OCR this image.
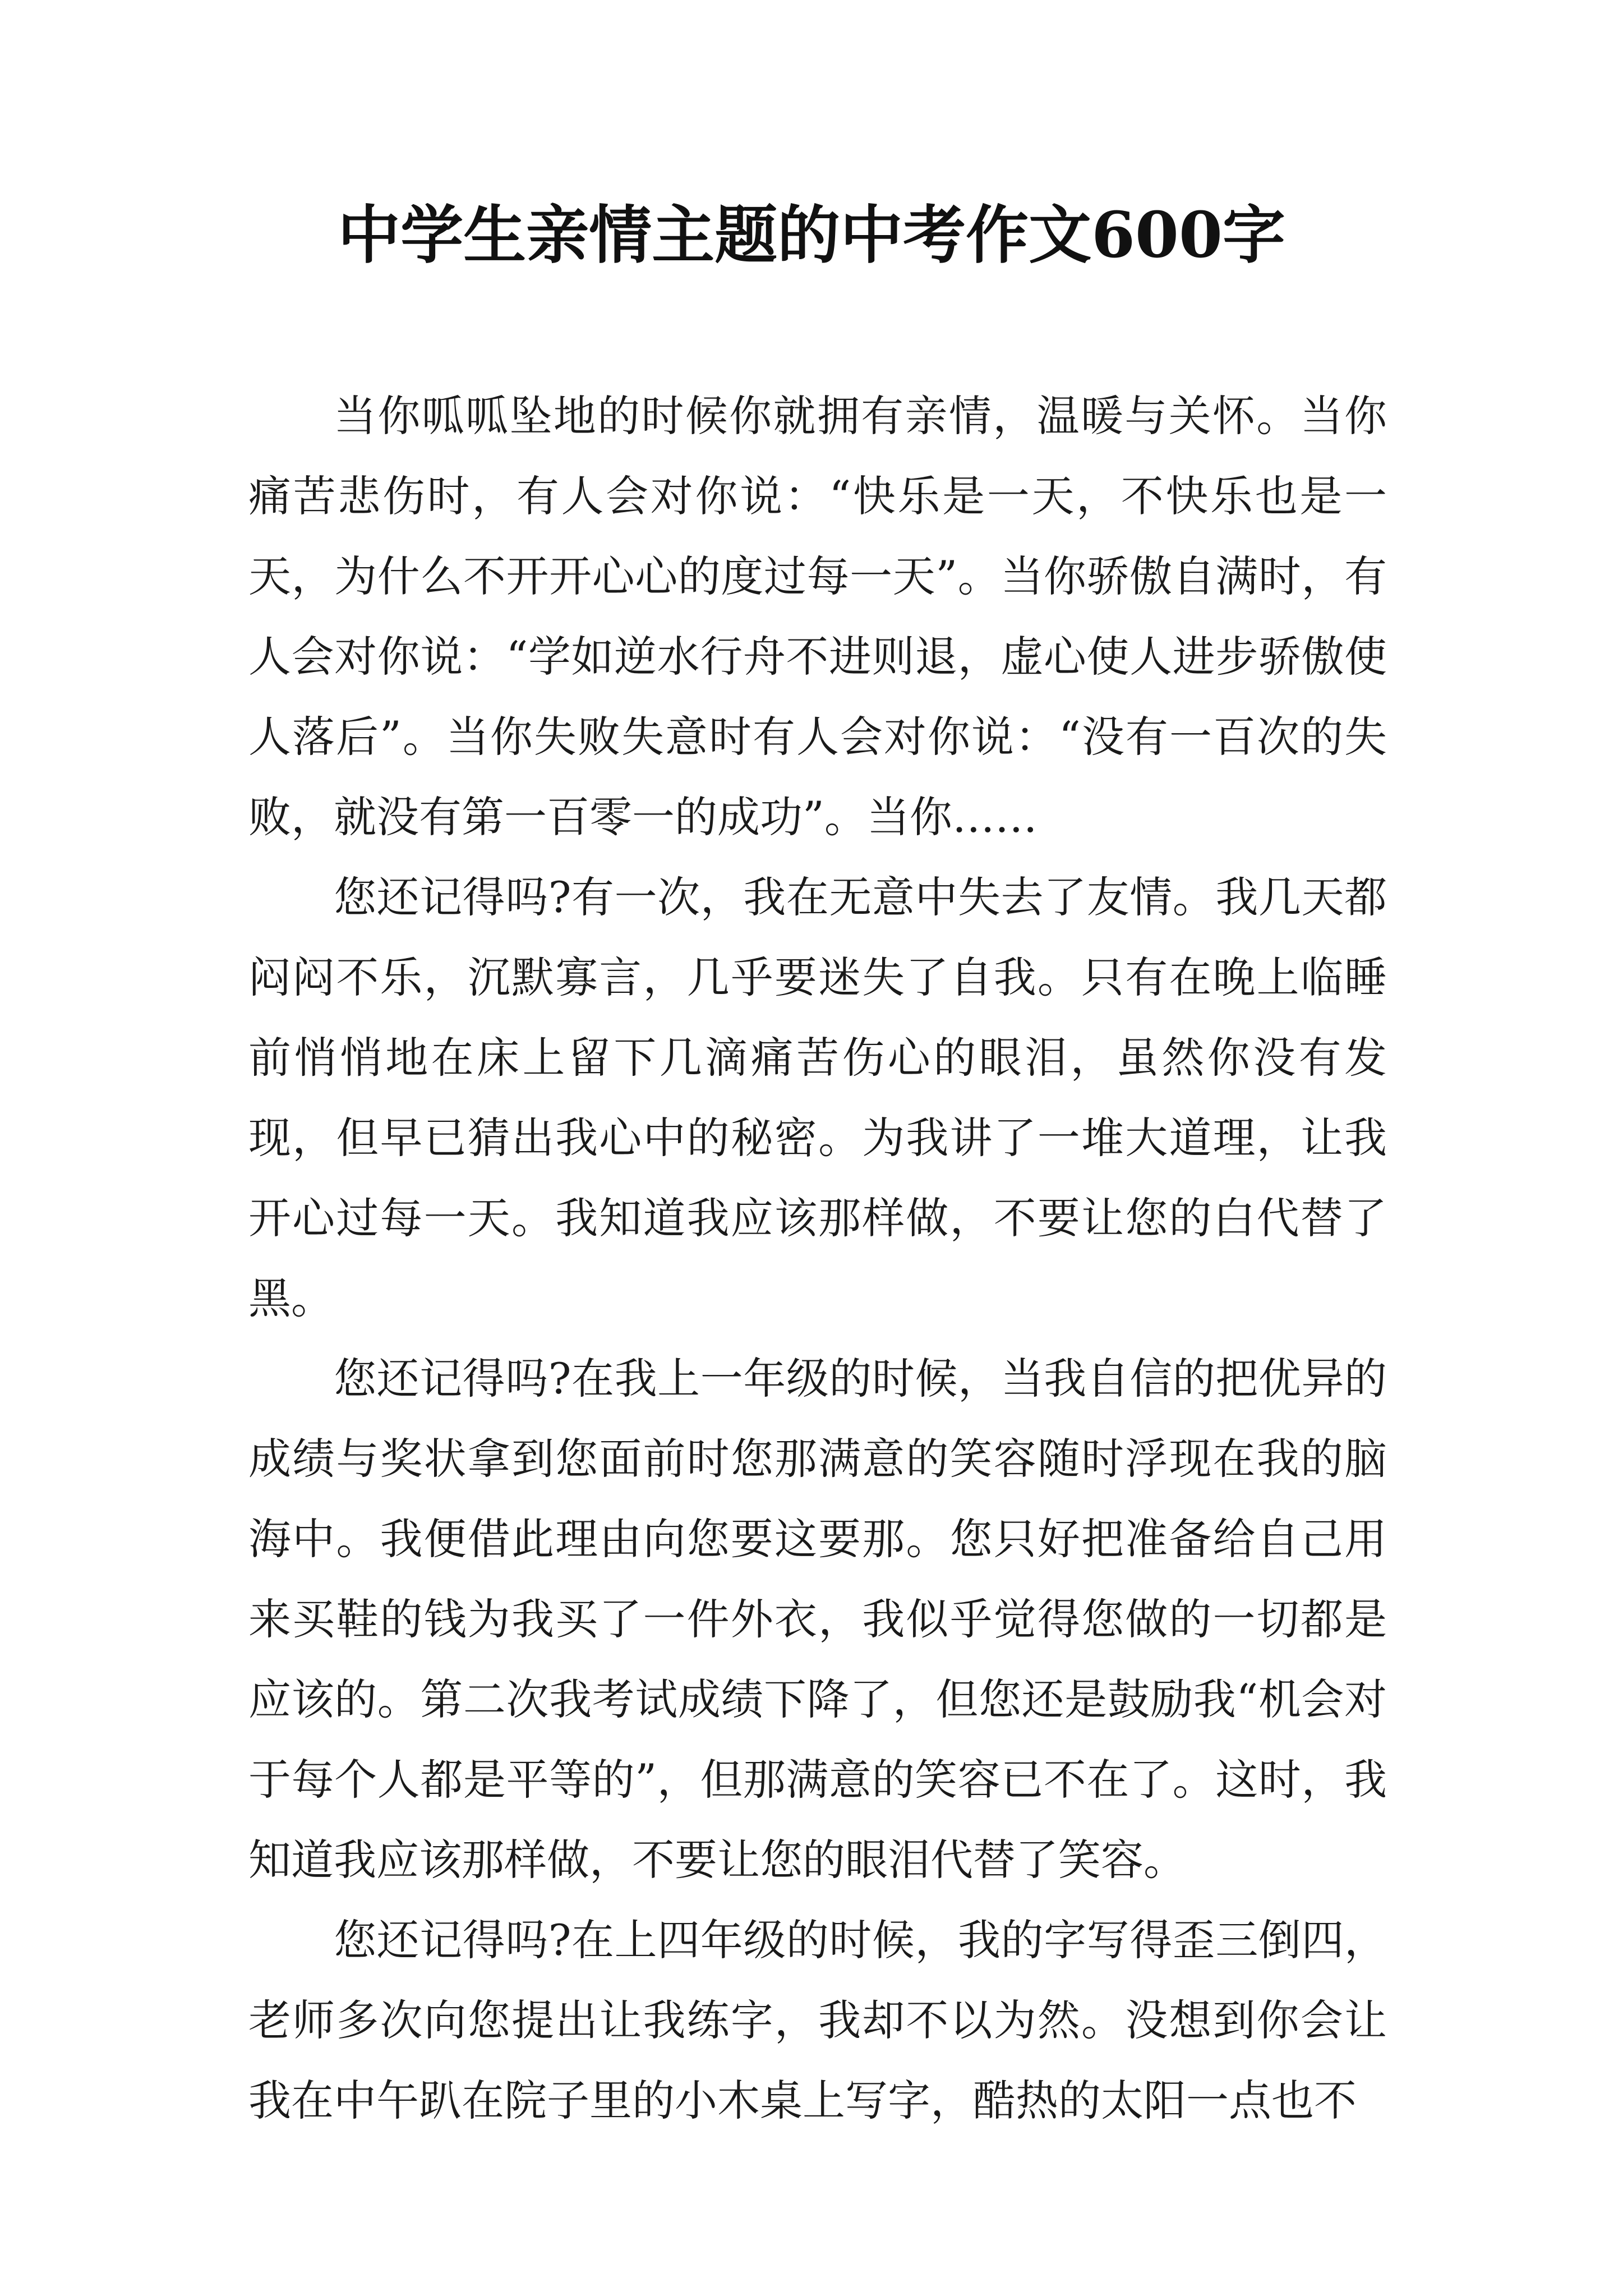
中学生亲情主题的中考作文600字

当你呱呱坠地的时候你就拥有亲情，温暖与关怀。当你痛苦悲伤时，有人会对你说：“快乐是一天，不快乐也是一天，为什么不开开心心的度过每一天”。当你骄傲自满时，有人会对你说：“学如逆水行舟不进则退，虚心使人进步骄傲使人落后”。当你失败失意时有人会对你说：“没有一百次的失败，就没有第一百零一的成功”。当你……

您还记得吗?有一次，我在无意中失去了友情。我几天都闷闷不乐，沉默寡言，几乎要迷失了自我。只有在晚上临睡前悄悄地在床上留下几滴痛苦伤心的眼泪，虽然你没有发现，但早已猜出我心中的秘密。为我讲了一堆大道理，让我开心过每一天。我知道我应该那样做，不要让您的白代替了黑。

您还记得吗?在我上一年级的时候，当我自信的把优异的成绩与奖状拿到您面前时您那满意的笑容随时浮现在我的脑海中。我便借此理由向您要这要那。您只好把准备给自己用来买鞋的钱为我买了一件外衣，我似乎觉得您做的一切都是应该的。第二次我考试成绩下降了，但您还是鼓励我“机会对于每个人都是平等的”，但那满意的笑容已不在了。这时，我知道我应该那样做，不要让您的眼泪代替了笑容。

您还记得吗?在上四年级的时候，我的字写得歪三倒四，老师多次向您提出让我练字，我却不以为然。没想到你会让我在中午趴在院子里的小木桌上写字，酷热的太阳一点也不
